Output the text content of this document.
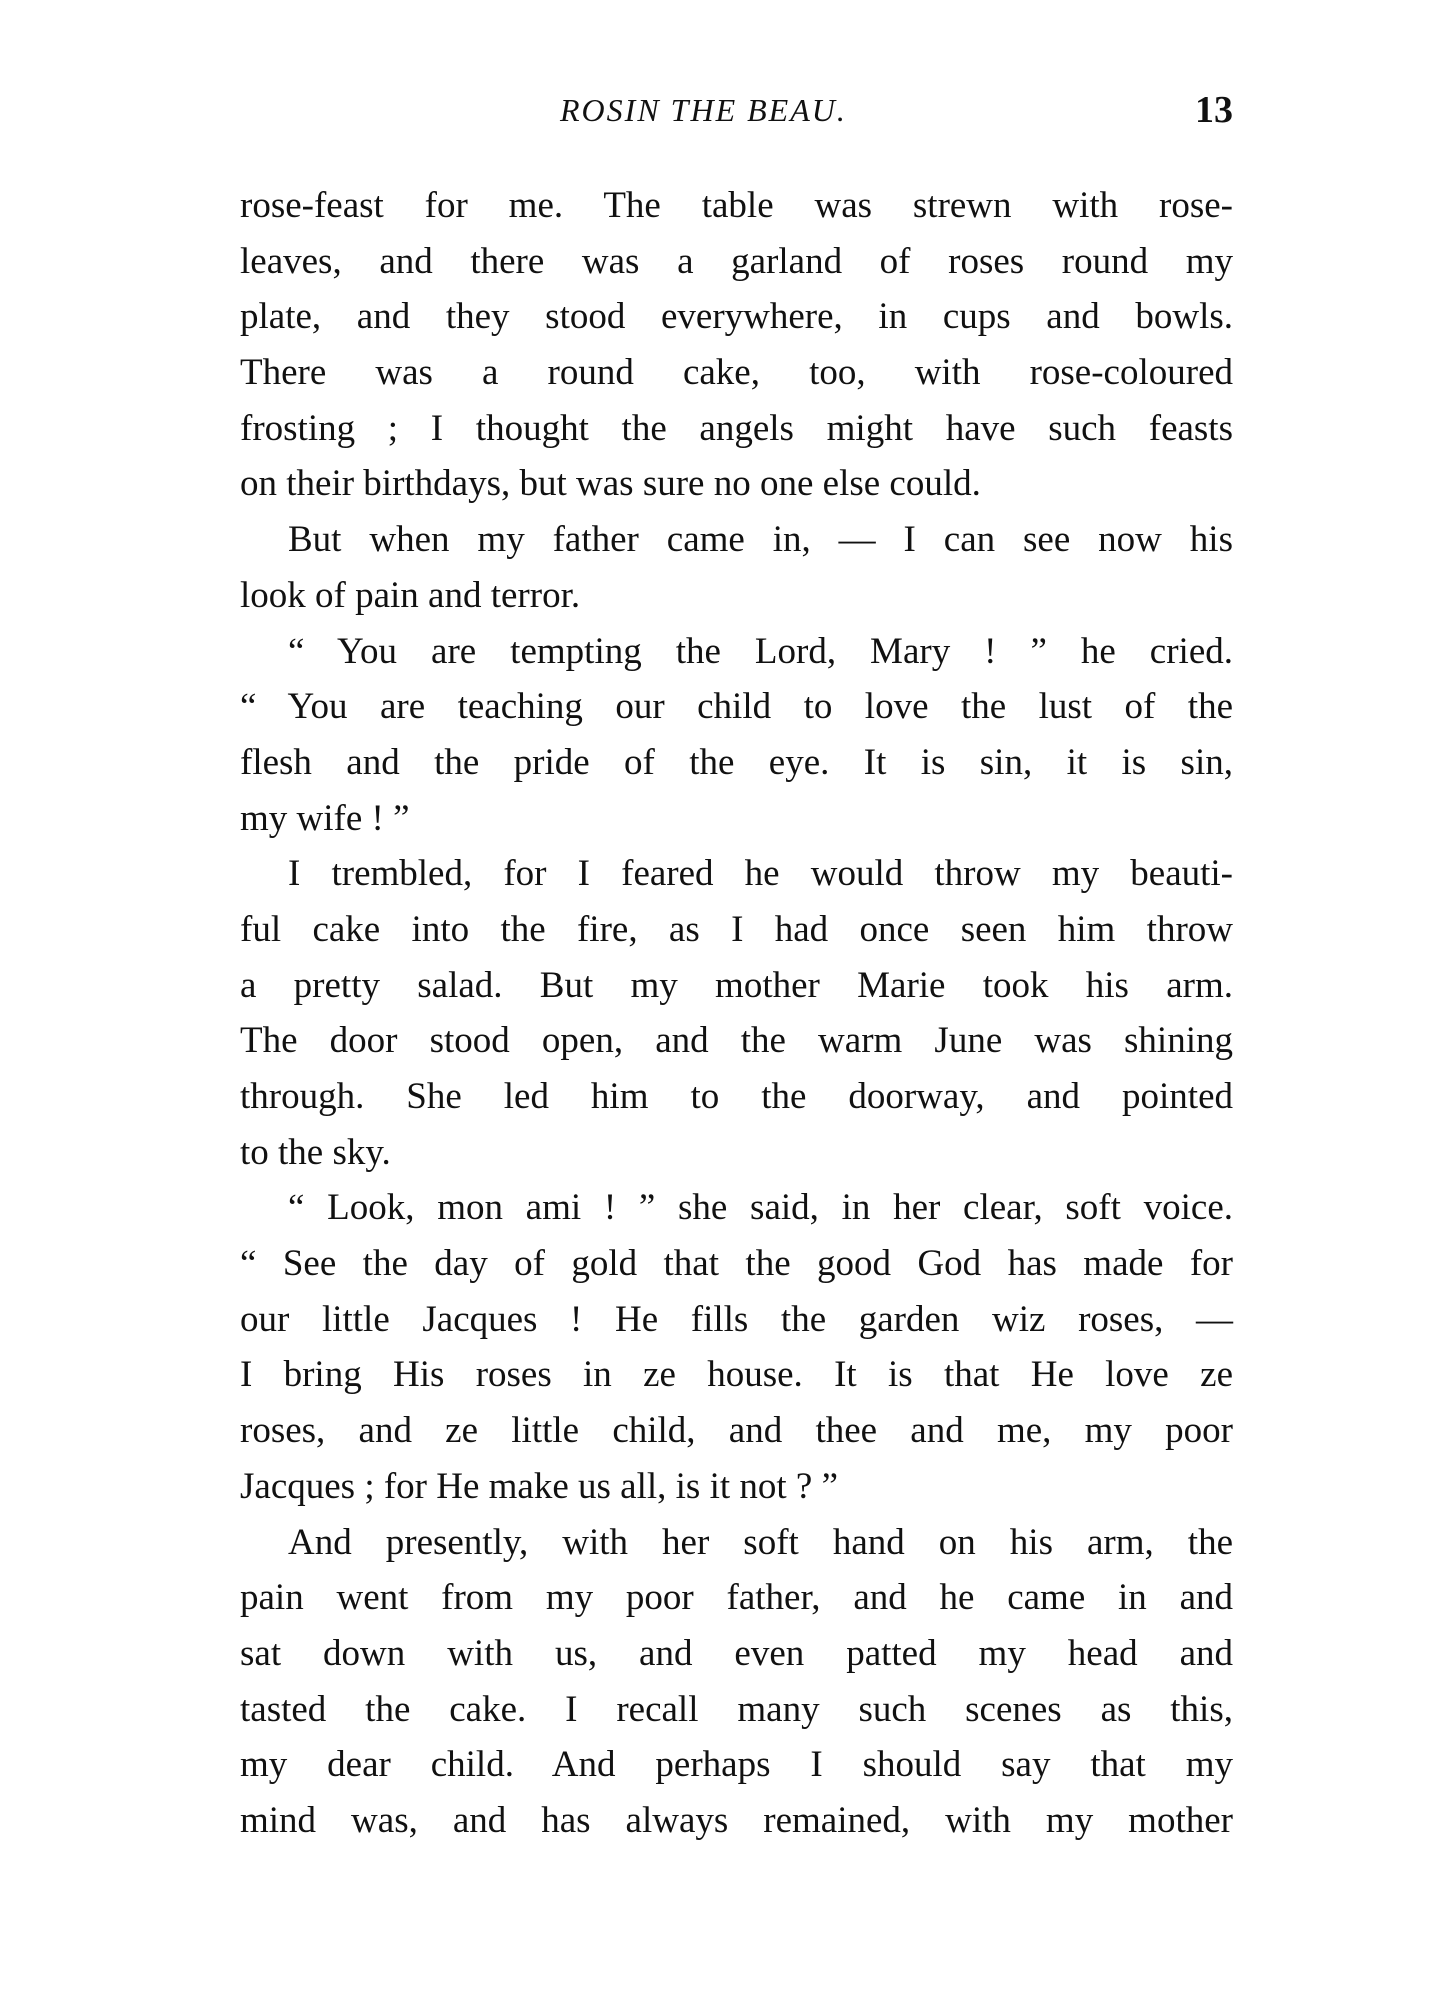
ROSIN THE BEAU.	13
rose-feast for me. The table was strewn with rose-
leaves, and there was a garland of roses round my
plate, and they stood everywhere, in cups and bowls.
There was a round cake, too, with rose-coloured
frosting ; I thought the angels might have such feasts
on their birthdays, but was sure no one else could.
But when my father came in, — I can see now his
look of pain and terror.
“ You are tempting the Lord, Mary ! ” he cried.
“ You are teaching our child to love the lust of the
flesh and the pride of the eye. It is sin, it is sin,
my wife ! ”
I trembled, for I feared he would throw my beauti-
ful cake into the fire, as I had once seen him throw
a pretty salad. But my mother Marie took his arm.
The door stood open, and the warm June was shining
through. She led him to the doorway, and pointed
to the sky.
“ Look, mon ami ! ” she said, in her clear, soft voice.
“ See the day of gold that the good God has made for
our little Jacques ! He fills the garden wiz roses, —
I bring His roses in ze house. It is that He love ze
roses, and ze little child, and thee and me, my poor
Jacques ; for He make us all, is it not ? ”
And presently, with her soft hand on his arm, the
pain went from my poor father, and he came in and
sat down with us, and even patted my head and
tasted the cake. I recall many such scenes as this,
my dear child. And perhaps I should say that my
mind was, and has always remained, with my mother
